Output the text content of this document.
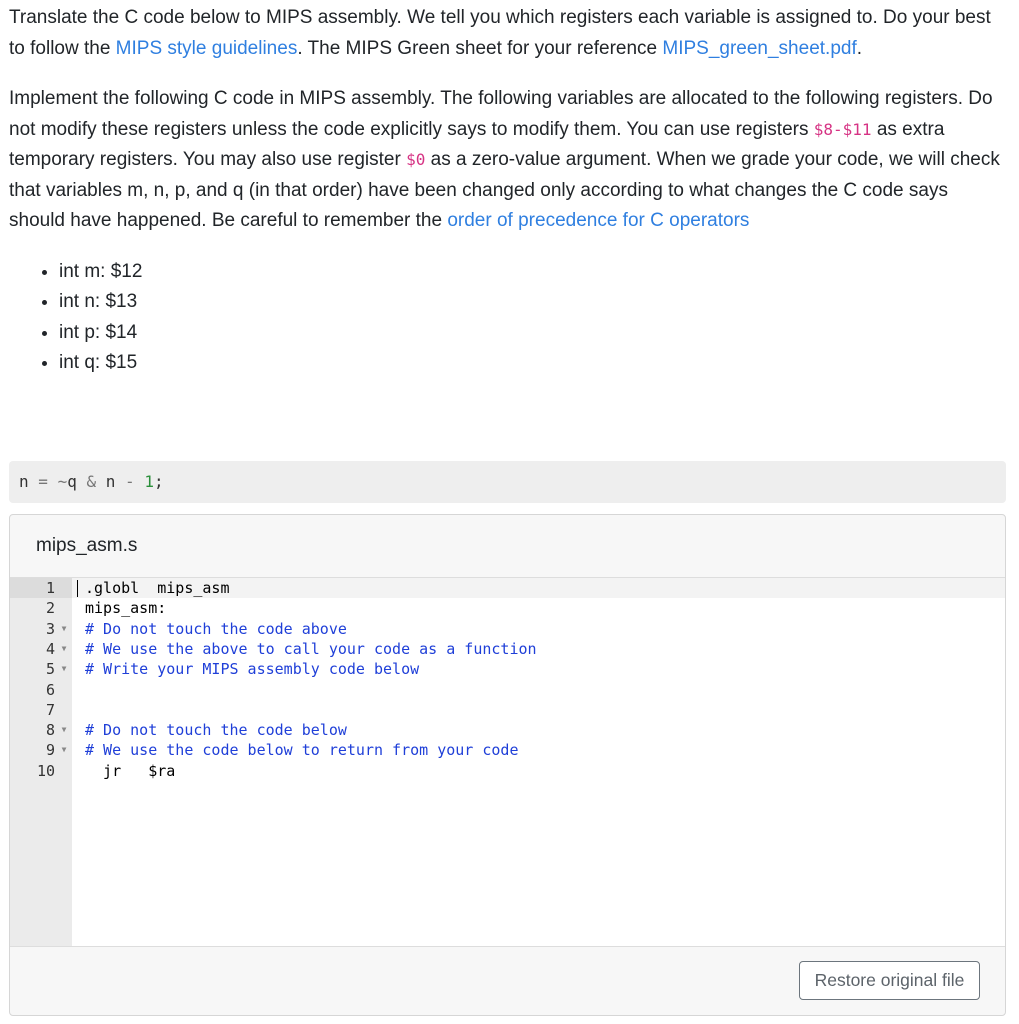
Translate the C code below to MIPS assembly. We tell you which registers each variable is assigned to. Do your best to follow the MIPS style guidelines. The MIPS Green sheet for your reference MIPS_green_sheet.pdf.

Implement the following C code in MIPS assembly. The following variables are allocated to the following registers. Do not modify these registers unless the code explicitly says to modify them. You can use registers $8-$11 as extra temporary registers. You may also use register $0 as a zero-value argument. When we grade your code, we will check that variables m, n, p, and q (in that order) have been changed only according to what changes the C code says should have happened. Be careful to remember the order of precedence for C operators

• int m: $12
• int n: $13
• int p: $14
• int q: $15
n = ~q & n - 1;
mips_asm.s
1	.globl  mips_asm
2	mips_asm:
3 ▼	# Do not touch the code above
4 ▼	# We use the above to call your code as a function
5 ▼	# Write your MIPS assembly code below
6
7
8 ▼	# Do not touch the code below
9 ▼	# We use the code below to return from your code
10	jr   $ra
Restore original file
